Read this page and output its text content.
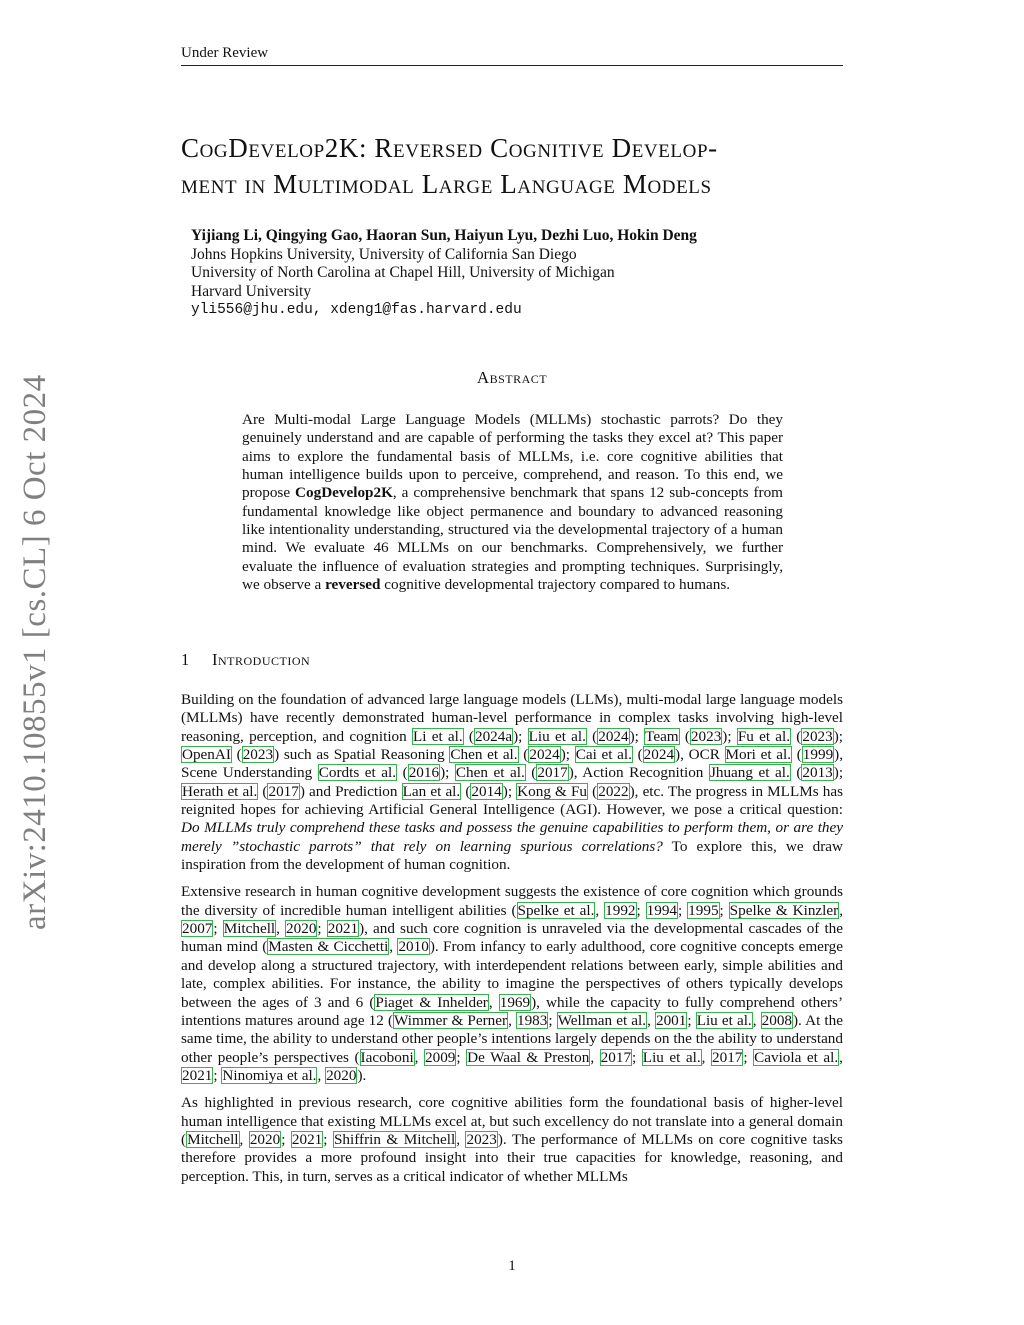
Under Review
arXiv:2410.10855v1 [cs.CL] 6 Oct 2024
CogDevelop2K: Reversed Cognitive Develop-
ment in Multimodal Large Language Models
Yijiang Li, Qingying Gao, Haoran Sun, Haiyun Lyu, Dezhi Luo, Hokin Deng
Johns Hopkins University, University of California San Diego
University of North Carolina at Chapel Hill, University of Michigan
Harvard University
yli556@jhu.edu, xdeng1@fas.harvard.edu
Abstract

Are Multi-modal Large Language Models (MLLMs) stochastic parrots? Do they genuinely understand and are capable of performing the tasks they excel at? This paper aims to explore the fundamental basis of MLLMs, i.e. core cognitive abilities that human intelligence builds upon to perceive, comprehend, and reason. To this end, we propose CogDevelop2K, a comprehensive benchmark that spans 12 sub-concepts from fundamental knowledge like object permanence and boundary to advanced reasoning like intentionality understanding, structured via the developmental trajectory of a human mind. We evaluate 46 MLLMs on our benchmarks. Comprehensively, we further evaluate the influence of evaluation strategies and prompting techniques. Surprisingly, we observe a reversed cognitive developmental trajectory compared to humans.

1 Introduction

Building on the foundation of advanced large language models (LLMs), multi-modal large language models (MLLMs) have recently demonstrated human-level performance in complex tasks involving high-level reasoning, perception, and cognition Li et al. (2024a); Liu et al. (2024); Team (2023); Fu et al. (2023); OpenAI (2023) such as Spatial Reasoning Chen et al. (2024); Cai et al. (2024), OCR Mori et al. (1999), Scene Understanding Cordts et al. (2016); Chen et al. (2017), Action Recognition Jhuang et al. (2013); Herath et al. (2017) and Prediction Lan et al. (2014); Kong & Fu (2022), etc. The progress in MLLMs has reignited hopes for achieving Artificial General Intelligence (AGI). However, we pose a critical question: Do MLLMs truly comprehend these tasks and possess the genuine capabilities to perform them, or are they merely ”stochastic parrots” that rely on learning spurious correlations? To explore this, we draw inspiration from the development of human cognition.

Extensive research in human cognitive development suggests the existence of core cognition which grounds the diversity of incredible human intelligent abilities (Spelke et al., 1992; 1994; 1995; Spelke & Kinzler, 2007; Mitchell, 2020; 2021), and such core cognition is unraveled via the developmental cascades of the human mind (Masten & Cicchetti, 2010). From infancy to early adulthood, core cognitive concepts emerge and develop along a structured trajectory, with interdependent relations between early, simple abilities and late, complex abilities. For instance, the ability to imagine the perspectives of others typically develops between the ages of 3 and 6 (Piaget & Inhelder, 1969), while the capacity to fully comprehend others’ intentions matures around age 12 (Wimmer & Perner, 1983; Wellman et al., 2001; Liu et al., 2008). At the same time, the ability to understand other people’s intentions largely depends on the the ability to understand other people’s perspectives (Iacoboni, 2009; De Waal & Preston, 2017; Liu et al., 2017; Caviola et al., 2021; Ninomiya et al., 2020).

As highlighted in previous research, core cognitive abilities form the foundational basis of higher-level human intelligence that existing MLLMs excel at, but such excellency do not translate into a general domain (Mitchell, 2020; 2021; Shiffrin & Mitchell, 2023). The performance of MLLMs on core cognitive tasks therefore provides a more profound insight into their true capacities for knowledge, reasoning, and perception. This, in turn, serves as a critical indicator of whether MLLMs

1
